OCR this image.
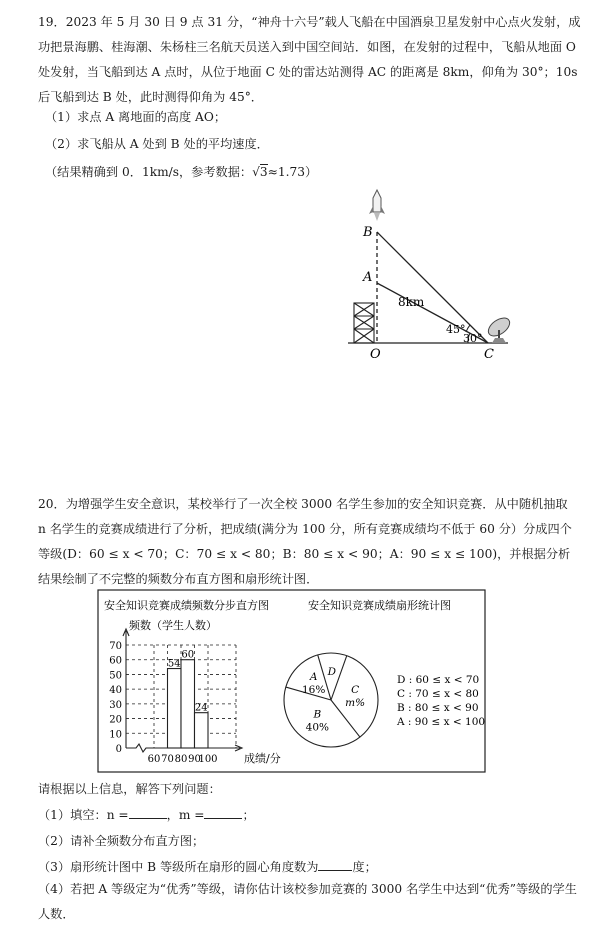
19．2023 年 5 月 30 日 9 点 31 分，“神舟十六号”载人飞船在中国酒泉卫星发射中心点火发射，成功把景海鹏、桂海潮、朱杨柱三名航天员送入到中国空间站．如图，在发射的过程中，飞船从地面 O 处发射，当飞船到达 A 点时，从位于地面 C 处的雷达站测得 AC 的距离是 8km，仰角为 30°；10s 后飞船到达 B 处，此时测得仰角为 45°．
（1）求点 A 离地面的高度 AO；
（2）求飞船从 A 处到 B 处的平均速度．
（结果精确到 0．1km/s，参考数据：√3≈1.73）
B
A
O	C
8km
45°
30°
20．为增强学生安全意识，某校举行了一次全校 3000 名学生参加的安全知识竞赛．从中随机抽取 n 名学生的竞赛成绩进行了分析，把成绩(满分为 100 分，所有竞赛成绩均不低于 60 分）分成四个等级(D：60 ≤ x < 70；C：70 ≤ x < 80；B：80 ≤ x < 90；A：90 ≤ x ≤ 100)，并根据分析结果绘制了不完整的频数分布直方图和扇形统计图．
安全知识竞赛成绩频数分步直方图
频数（学生人数）
成绩/分
0
10
20
30
40
50
60
70
60 70 80 90
100
54
60
24
安全知识竞赛成绩扇形统计图
A
16%
D
C
m%
B
40%
D : 60 ≤ x < 70
C : 70 ≤ x < 80
B : 80 ≤ x < 90
A : 90 ≤ x < 100
请根据以上信息，解答下列问题：
（1）填空：n =	，m =	；
（2）请补全频数分布直方图；
（3）扇形统计图中 B 等级所在扇形的圆心角度数为	度；
（4）若把 A 等级定为“优秀”等级，请你估计该校参加竞赛的 3000 名学生中达到“优秀”等级的学生人数．
